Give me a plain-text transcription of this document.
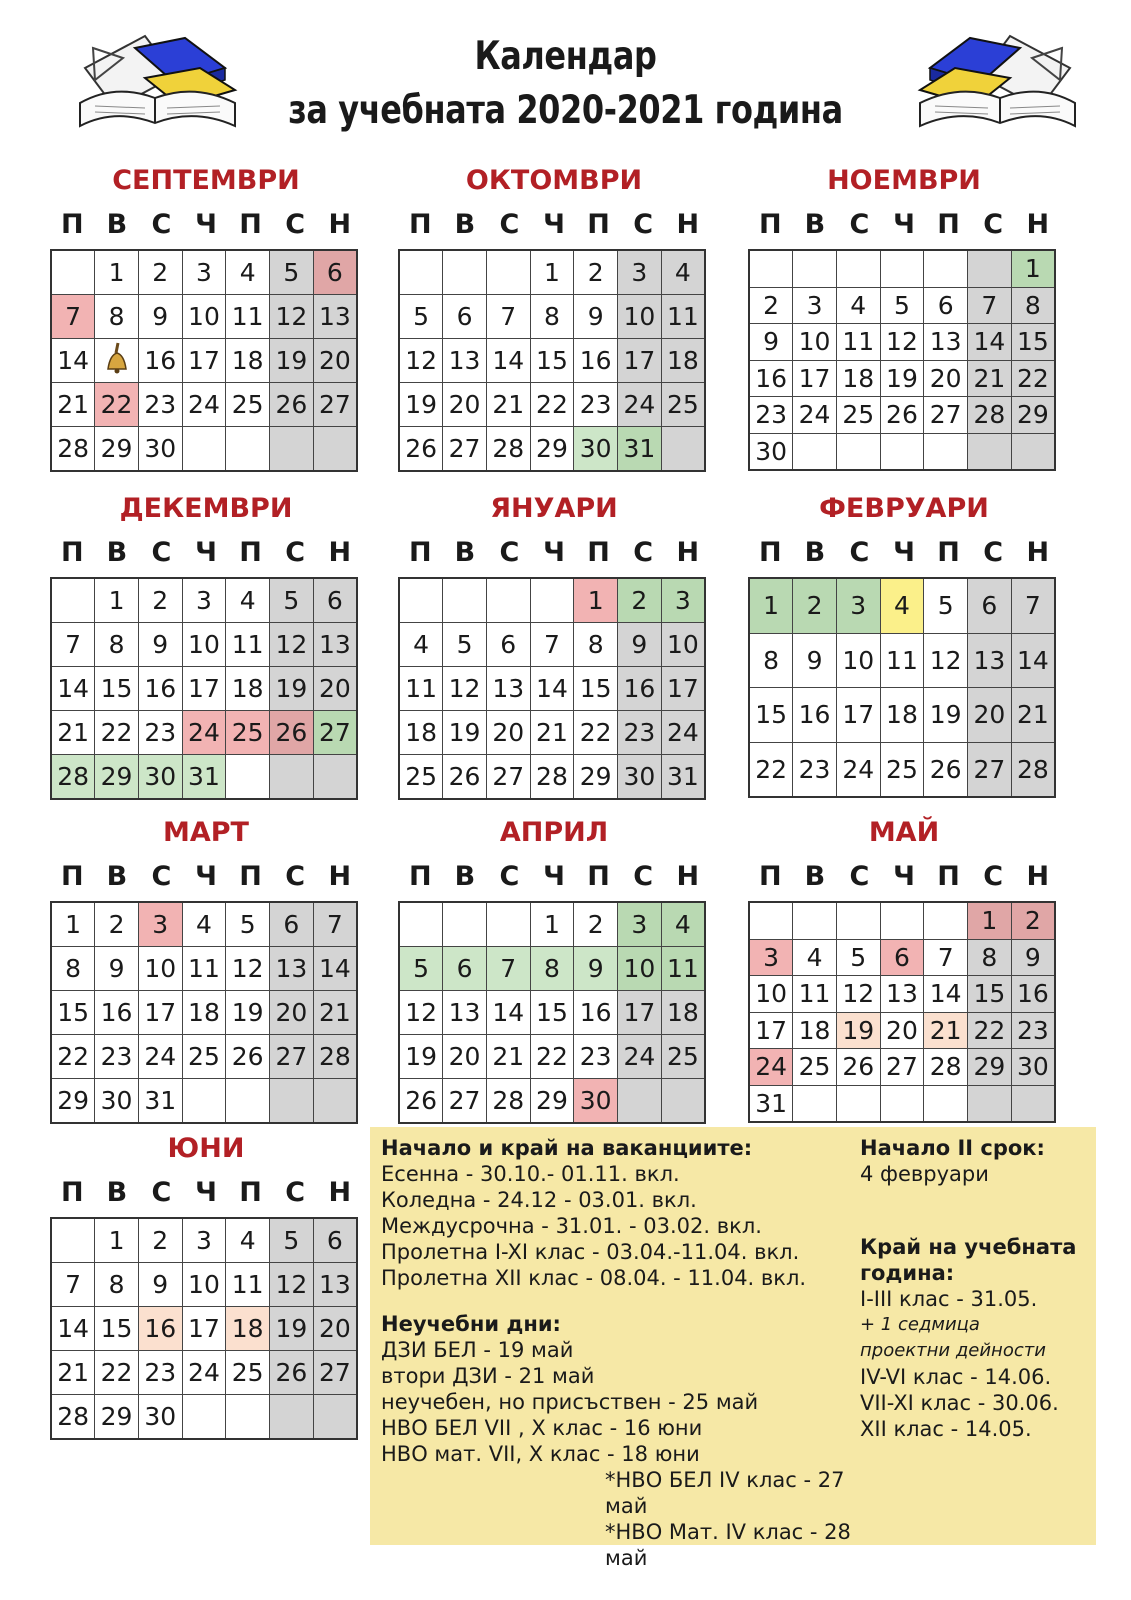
Календар
за учебната 2020-2021 година
СЕПТЕМВРИ
П В С Ч П С Н
	1	2	3	4	5	6
7	8	9	10	11	12	13
14		16	17	18	19	20
21	22	23	24	25	26	27
28	29	30				
ОКТОМВРИ
П В С Ч П С Н
			1	2	3	4
5	6	7	8	9	10	11
12	13	14	15	16	17	18
19	20	21	22	23	24	25
26	27	28	29	30	31	
НОЕМВРИ
П В С Ч П С Н
						1
2	3	4	5	6	7	8
9	10	11	12	13	14	15
16	17	18	19	20	21	22
23	24	25	26	27	28	29
30						
ДЕКЕМВРИ
П В С Ч П С Н
	1	2	3	4	5	6
7	8	9	10	11	12	13
14	15	16	17	18	19	20
21	22	23	24	25	26	27
28	29	30	31			
ЯНУАРИ
П В С Ч П С Н
				1	2	3
4	5	6	7	8	9	10
11	12	13	14	15	16	17
18	19	20	21	22	23	24
25	26	27	28	29	30	31
ФЕВРУАРИ
П В С Ч П С Н
1	2	3	4	5	6	7
8	9	10	11	12	13	14
15	16	17	18	19	20	21
22	23	24	25	26	27	28
МАРТ
П В С Ч П С Н
1	2	3	4	5	6	7
8	9	10	11	12	13	14
15	16	17	18	19	20	21
22	23	24	25	26	27	28
29	30	31				
АПРИЛ
П В С Ч П С Н
			1	2	3	4
5	6	7	8	9	10	11
12	13	14	15	16	17	18
19	20	21	22	23	24	25
26	27	28	29	30		
МАЙ
П В С Ч П С Н
					1	2
3	4	5	6	7	8	9
10	11	12	13	14	15	16
17	18	19	20	21	22	23
24	25	26	27	28	29	30
31						
ЮНИ
П В С Ч П С Н
	1	2	3	4	5	6
7	8	9	10	11	12	13
14	15	16	17	18	19	20
21	22	23	24	25	26	27
28	29	30				
Начало и край на ваканциите:
Есенна - 30.10.- 01.11. вкл.
Коледна - 24.12 - 03.01. вкл.
Междусрочна - 31.01. - 03.02. вкл.
Пролетна I-XI клас - 03.04.-11.04. вкл.
Пролетна XII клас - 08.04. - 11.04. вкл.
Неучебни дни:
ДЗИ БЕЛ - 19 май
втори ДЗИ - 21 май
неучебен, но присъствен - 25 май
НВО БЕЛ VII , X клас - 16 юни
НВО мат. VII, X клас - 18 юни
*НВО БЕЛ IV клас - 27 май
*НВО Мат. IV клас - 28 май
Начало II срок:
4 февруари
Край на учебната
година:
I-III клас - 31.05.
+ 1 седмица
проектни дейности
IV-VI клас - 14.06.
VII-XI клас - 30.06.
XII клас - 14.05.
